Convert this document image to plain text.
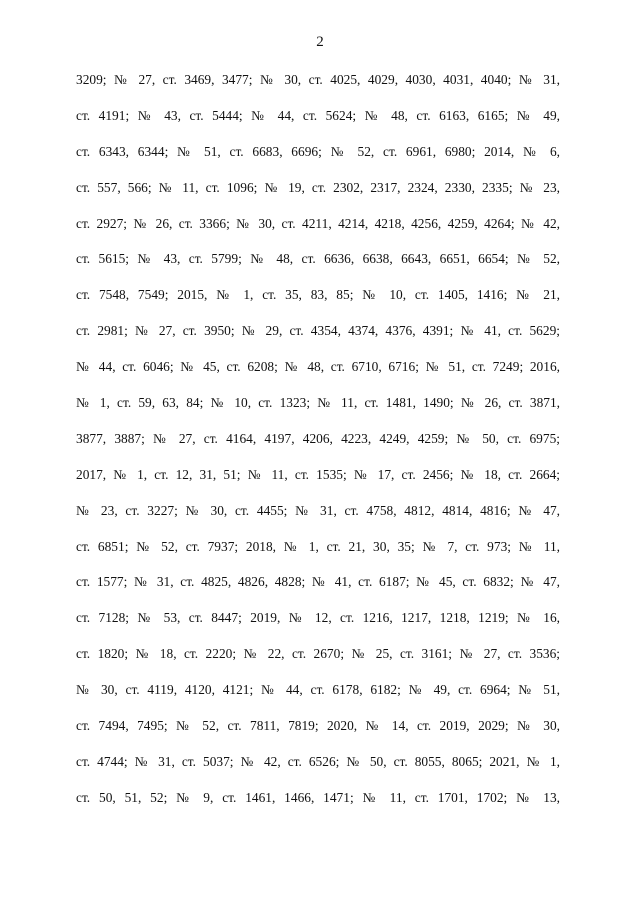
2
3209; № 27, ст. 3469, 3477; № 30, ст. 4025, 4029, 4030, 4031, 4040; № 31,
ст. 4191; № 43, ст. 5444; № 44, ст. 5624; № 48, ст. 6163, 6165; № 49,
ст. 6343, 6344; № 51, ст. 6683, 6696; № 52, ст. 6961, 6980; 2014, № 6,
ст. 557, 566; № 11, ст. 1096; № 19, ст. 2302, 2317, 2324, 2330, 2335; № 23,
ст. 2927; № 26, ст. 3366; № 30, ст. 4211, 4214, 4218, 4256, 4259, 4264; № 42,
ст. 5615; № 43, ст. 5799; № 48, ст. 6636, 6638, 6643, 6651, 6654; № 52,
ст. 7548, 7549; 2015, № 1, ст. 35, 83, 85; № 10, ст. 1405, 1416; № 21,
ст. 2981; № 27, ст. 3950; № 29, ст. 4354, 4374, 4376, 4391; № 41, ст. 5629;
№ 44, ст. 6046; № 45, ст. 6208; № 48, ст. 6710, 6716; № 51, ст. 7249; 2016,
№ 1, ст. 59, 63, 84; № 10, ст. 1323; № 11, ст. 1481, 1490; № 26, ст. 3871,
3877, 3887; № 27, ст. 4164, 4197, 4206, 4223, 4249, 4259; № 50, ст. 6975;
2017, № 1, ст. 12, 31, 51; № 11, ст. 1535; № 17, ст. 2456; № 18, ст. 2664;
№ 23, ст. 3227; № 30, ст. 4455; № 31, ст. 4758, 4812, 4814, 4816; № 47,
ст. 6851; № 52, ст. 7937; 2018, № 1, ст. 21, 30, 35; № 7, ст. 973; № 11,
ст. 1577; № 31, ст. 4825, 4826, 4828; № 41, ст. 6187; № 45, ст. 6832; № 47,
ст. 7128; № 53, ст. 8447; 2019, № 12, ст. 1216, 1217, 1218, 1219; № 16,
ст. 1820; № 18, ст. 2220; № 22, ст. 2670; № 25, ст. 3161; № 27, ст. 3536;
№ 30, ст. 4119, 4120, 4121; № 44, ст. 6178, 6182; № 49, ст. 6964; № 51,
ст. 7494, 7495; № 52, ст. 7811, 7819; 2020, № 14, ст. 2019, 2029; № 30,
ст. 4744; № 31, ст. 5037; № 42, ст. 6526; № 50, ст. 8055, 8065; 2021, № 1,
ст. 50, 51, 52; № 9, ст. 1461, 1466, 1471; № 11, ст. 1701, 1702; № 13,
